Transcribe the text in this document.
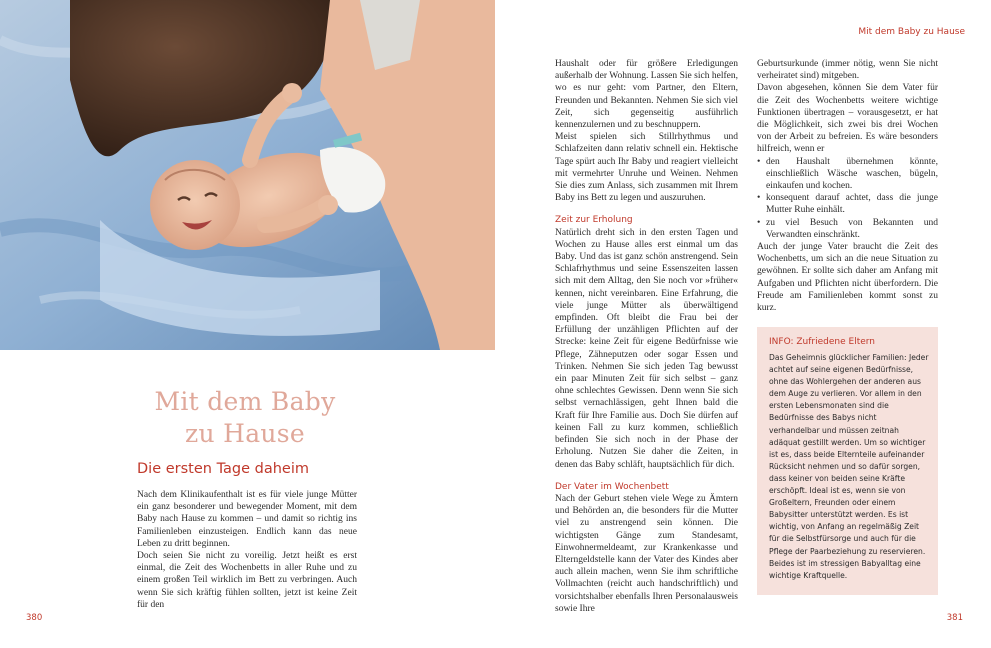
Mit dem Baby zu Hause
380	381
Mit dem Baby
zu Hause
Die ersten Tage daheim

Nach dem Klinikaufenthalt ist es für viele junge Mütter ein ganz besonderer und bewegender Moment, mit dem Baby nach Hause zu kommen – und damit so richtig ins Familienleben einzusteigen. Endlich kann das neue Leben zu dritt beginnen.

Doch seien Sie nicht zu voreilig. Jetzt heißt es erst einmal, die Zeit des Wochenbetts in aller Ruhe und zu einem großen Teil wirklich im Bett zu verbringen. Auch wenn Sie sich kräftig fühlen sollten, jetzt ist keine Zeit für den

Haushalt oder für größere Erledigungen außerhalb der Wohnung. Lassen Sie sich helfen, wo es nur geht: vom Partner, den Eltern, Freunden und Bekannten. Nehmen Sie sich viel Zeit, sich gegenseitig ausführlich kennenzulernen und zu beschnuppern.

Meist spielen sich Stillrhythmus und Schlafzeiten dann relativ schnell ein. Hektische Tage spürt auch Ihr Baby und reagiert vielleicht mit vermehrter Unruhe und Weinen. Nehmen Sie dies zum Anlass, sich zusammen mit Ihrem Baby ins Bett zu legen und auszuruhen.

Zeit zur Erholung

Natürlich dreht sich in den ersten Tagen und Wochen zu Hause alles erst einmal um das Baby. Und das ist ganz schön anstrengend. Sein Schlafrhythmus und seine Essenszeiten lassen sich mit dem Alltag, den Sie noch vor »früher« kennen, nicht vereinbaren. Eine Erfahrung, die viele junge Mütter als überwältigend empfinden. Oft bleibt die Frau bei der Erfüllung der unzähligen Pflichten auf der Strecke: keine Zeit für eigene Bedürfnisse wie Pflege, Zähneputzen oder sogar Essen und Trinken. Nehmen Sie sich jeden Tag bewusst ein paar Minuten Zeit für sich selbst – ganz ohne schlechtes Gewissen. Denn wenn Sie sich selbst vernachlässigen, geht Ihnen bald die Kraft für Ihre Familie aus. Doch Sie dürfen auf keinen Fall zu kurz kommen, schließlich befinden Sie sich noch in der Phase der Erholung. Nutzen Sie daher die Zeiten, in denen das Baby schläft, hauptsächlich für dich.

Der Vater im Wochenbett

Nach der Geburt stehen viele Wege zu Ämtern und Behörden an, die besonders für die Mutter viel zu anstrengend sein können. Die wichtigsten Gänge zum Standesamt, Einwohnermeldeamt, zur Krankenkasse und Elterngeldstelle kann der Vater des Kindes aber auch allein machen, wenn Sie ihm schriftliche Vollmachten (reicht auch handschriftlich) und vorsichtshalber ebenfalls Ihren Personalausweis sowie Ihre

Geburtsurkunde (immer nötig, wenn Sie nicht verheiratet sind) mitgeben.

Davon abgesehen, können Sie dem Vater für die Zeit des Wochenbetts weitere wichtige Funktionen übertragen – vorausgesetzt, er hat die Möglichkeit, sich zwei bis drei Wochen von der Arbeit zu befreien. Es wäre besonders hilfreich, wenn er

• den Haushalt übernehmen könnte, einschließlich Wäsche waschen, bügeln, einkaufen und kochen.
• konsequent darauf achtet, dass die junge Mutter Ruhe einhält.
• zu viel Besuch von Bekannten und Verwandten einschränkt.

Auch der junge Vater braucht die Zeit des Wochenbetts, um sich an die neue Situation zu gewöhnen. Er sollte sich daher am Anfang mit Aufgaben und Pflichten nicht überfordern. Die Freude am Familienleben kommt sonst zu kurz.

INFO: Zufriedene Eltern
Das Geheimnis glücklicher Familien: Jeder achtet auf seine eigenen Bedürfnisse, ohne das Wohlergehen der anderen aus dem Auge zu verlieren. Vor allem in den ersten Lebensmonaten sind die Bedürfnisse des Babys nicht verhandelbar und müssen zeitnah adäquat gestillt werden. Um so wichtiger ist es, dass beide Elternteile aufeinander Rücksicht nehmen und so dafür sorgen, dass keiner von beiden seine Kräfte erschöpft. Ideal ist es, wenn sie von Großeltern, Freunden oder einem Babysitter unterstützt werden. Es ist wichtig, von Anfang an regelmäßig Zeit für die Selbstfürsorge und auch für die Pflege der Paarbeziehung zu reservieren. Beides ist im stressigen Babyalltag eine wichtige Kraftquelle.
